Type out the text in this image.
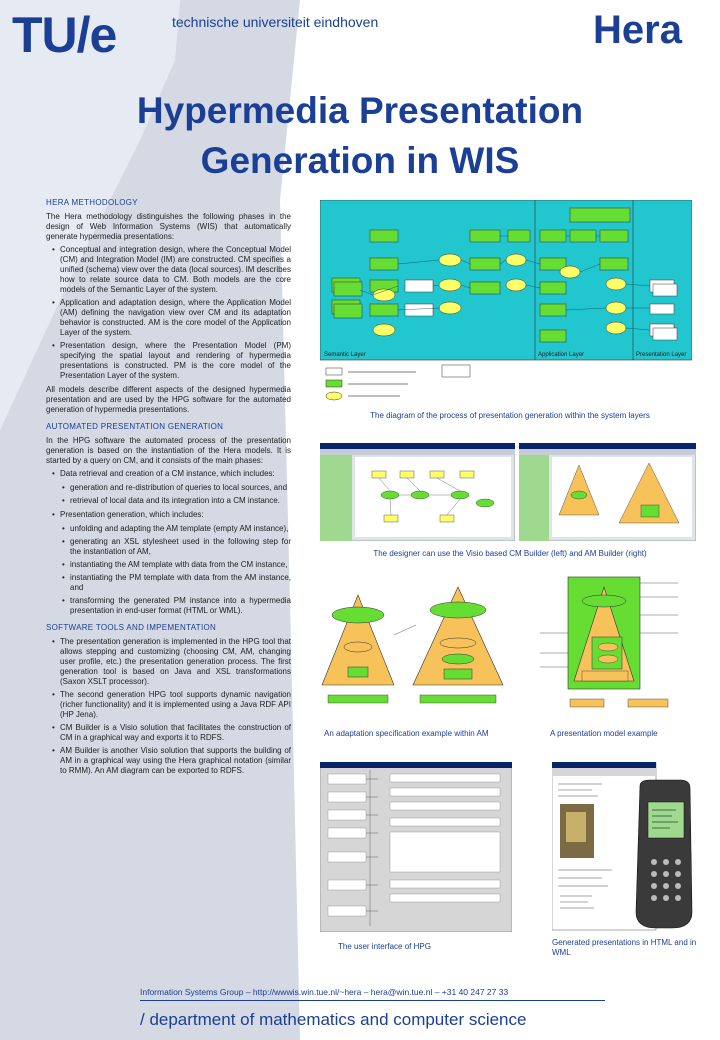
TU/e	technische universiteit eindhoven	Hera
Hypermedia Presentation
Generation in WIS
HERA METHODOLOGY

The Hera methodology distinguishes the following phases in the design of Web Information Systems (WIS) that automatically generate hypermedia presentations:

• Conceptual and integration design, where the Conceptual Model (CM) and Integration Model (IM) are constructed. CM specifies a unified (schema) view over the data (local sources). IM describes how to relate source data to CM. Both models are the core models of the Semantic Layer of the system.
• Application and adaptation design, where the Application Model (AM) defining the navigation view over CM and its adaptation behavior is constructed. AM is the core model of the Application Layer of the system.
• Presentation design, where the Presentation Model (PM) specifying the spatial layout and rendering of hypermedia presentations is constructed. PM is the core model of the Presentation Layer of the system.

All models describe different aspects of the designed hypermedia presentation and are used by the HPG software for the automated generation of hypermedia presentations.

AUTOMATED PRESENTATION GENERATION

In the HPG software the automated process of the presentation generation is based on the instantiation of the Hera models. It is started by a query on CM, and it consists of the main phases:

• Data retrieval and creation of a CM instance, which includes:
• generation and re-distribution of queries to local sources, and
• retrieval of local data and its integration into a CM instance.
• Presentation generation, which includes:
• unfolding and adapting the AM template (empty AM instance),
• generating an XSL stylesheet used in the following step for the instantiation of AM,
• instantiating the AM template with data from the CM instance,
• instantiating the PM template with data from the AM instance, and
• transforming the generated PM instance into a hypermedia presentation in end-user format (HTML or WML).
SOFTWARE TOOLS AND IMPEMENTATION
• The presentation generation is implemented in the HPG tool that allows stepping and customizing (choosing CM, AM, changing user profile, etc.) the presentation generation process. The first generation tool is based on Java and XSL transformations (Saxon XSLT processor).
• The second generation HPG tool supports dynamic navigation (richer functionality) and it is implemented using a Java RDF API (HP Jena).
• CM Builder is a Visio solution that facilitates the construction of CM in a graphical way and exports it to RDFS.
• AM Builder is another Visio solution that supports the building of AM in a graphical way using the Hera graphical notation (similar to RMM). An AM diagram can be exported to RDFS.
Semantic Layer	Application Layer	Presentation Layer
The diagram of the process of presentation generation within the system layers
The designer can use the Visio based CM Builder (left) and AM Builder (right)
An adaptation specification example within AM	A presentation model example
The user interface of HPG	Generated presentations in HTML and in WML
Information Systems Group – http://wwwis.win.tue.nl/~hera – hera@win.tue.nl – +31 40 247 27 33
/ department of mathematics and computer science
